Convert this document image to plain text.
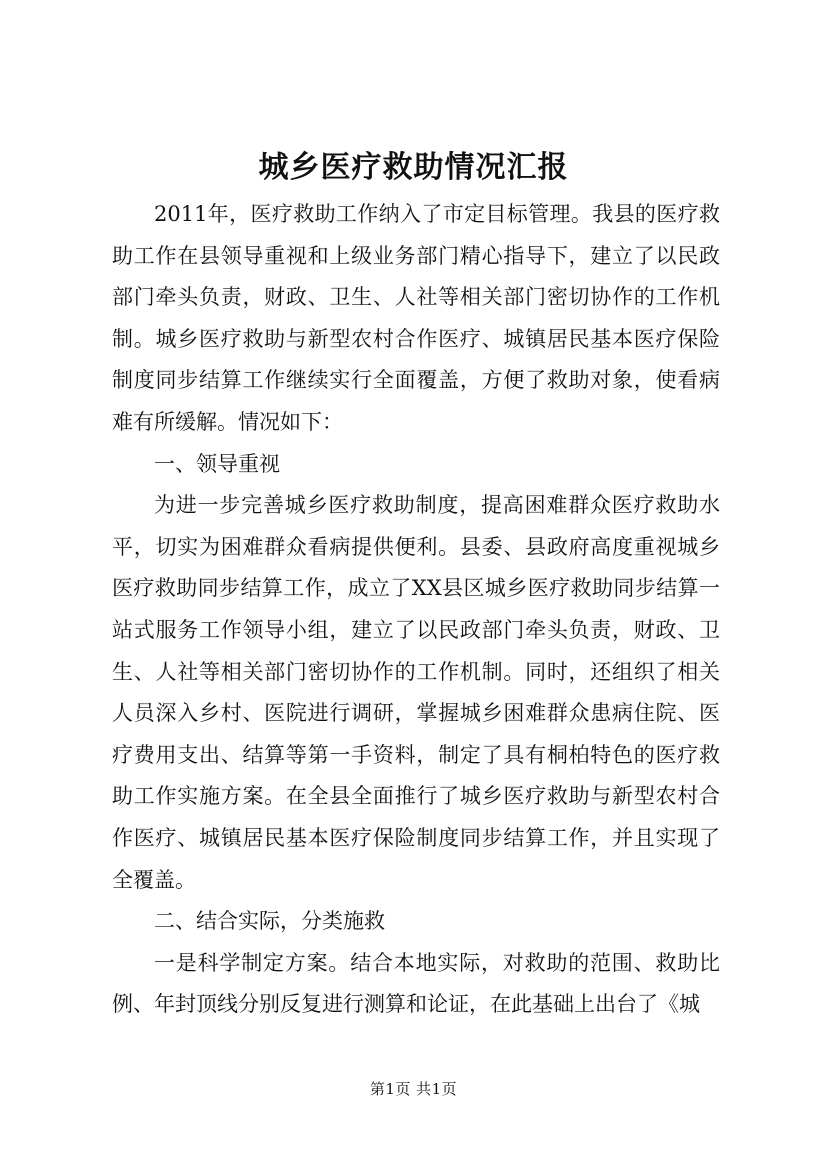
城乡医疗救助情况汇报

2011年，医疗救助工作纳入了市定目标管理。我县的医疗救助工作在县领导重视和上级业务部门精心指导下，建立了以民政部门牵头负责，财政、卫生、人社等相关部门密切协作的工作机制。城乡医疗救助与新型农村合作医疗、城镇居民基本医疗保险制度同步结算工作继续实行全面覆盖，方便了救助对象，使看病难有所缓解。情况如下：

一、领导重视

为进一步完善城乡医疗救助制度，提高困难群众医疗救助水平，切实为困难群众看病提供便利。县委、县政府高度重视城乡医疗救助同步结算工作，成立了XX县区城乡医疗救助同步结算一站式服务工作领导小组，建立了以民政部门牵头负责，财政、卫生、人社等相关部门密切协作的工作机制。同时，还组织了相关人员深入乡村、医院进行调研，掌握城乡困难群众患病住院、医疗费用支出、结算等第一手资料，制定了具有桐柏特色的医疗救助工作实施方案。在全县全面推行了城乡医疗救助与新型农村合作医疗、城镇居民基本医疗保险制度同步结算工作，并且实现了全覆盖。

二、结合实际，分类施救

一是科学制定方案。结合本地实际，对救助的范围、救助比例、年封顶线分别反复进行测算和论证，在此基础上出台了《城

第1页 共1页
